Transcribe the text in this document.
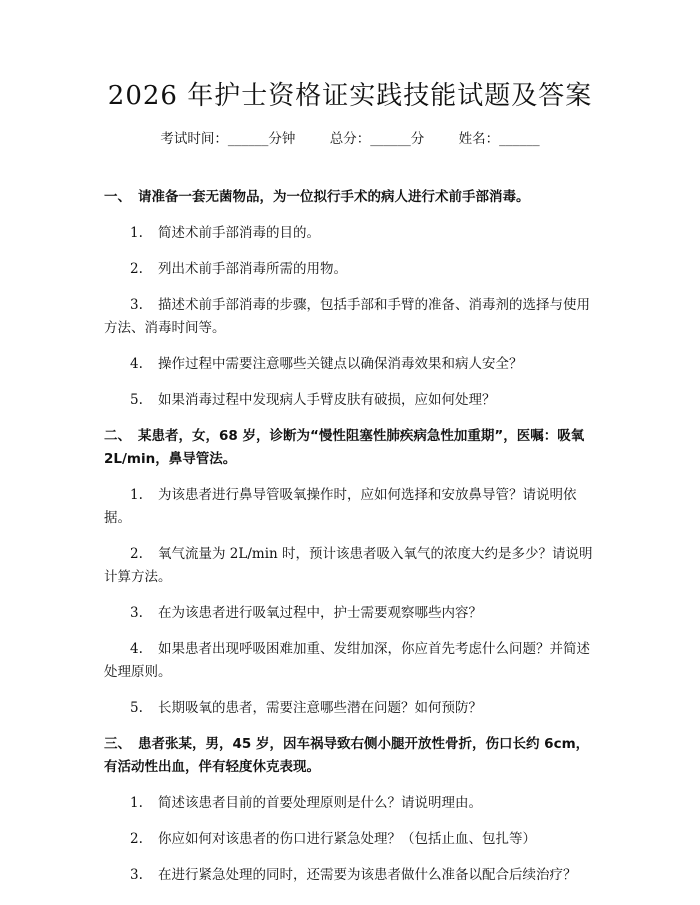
2026 年护士资格证实践技能试题及答案
考试时间：______分钟	总分：______分	姓名：______
一、 请准备一套无菌物品，为一位拟行手术的病人进行术前手部消毒。
1. 简述术前手部消毒的目的。
2. 列出术前手部消毒所需的用物。
3. 描述术前手部消毒的步骤，包括手部和手臂的准备、消毒剂的选择与使用方法、消毒时间等。
4. 操作过程中需要注意哪些关键点以确保消毒效果和病人安全？
5. 如果消毒过程中发现病人手臂皮肤有破损，应如何处理？
二、 某患者，女，68 岁，诊断为“慢性阻塞性肺疾病急性加重期”，医嘱：吸氧 2L/min，鼻导管法。
1. 为该患者进行鼻导管吸氧操作时，应如何选择和安放鼻导管？请说明依据。
2. 氧气流量为 2L/min 时，预计该患者吸入氧气的浓度大约是多少？请说明计算方法。
3. 在为该患者进行吸氧过程中，护士需要观察哪些内容？
4. 如果患者出现呼吸困难加重、发绀加深，你应首先考虑什么问题？并简述处理原则。
5. 长期吸氧的患者，需要注意哪些潜在问题？如何预防？
三、 患者张某，男，45 岁，因车祸导致右侧小腿开放性骨折，伤口长约 6cm，有活动性出血，伴有轻度休克表现。
1. 简述该患者目前的首要处理原则是什么？请说明理由。
2. 你应如何对该患者的伤口进行紧急处理？（包括止血、包扎等）
3. 在进行紧急处理的同时，还需要为该患者做什么准备以配合后续治疗？
